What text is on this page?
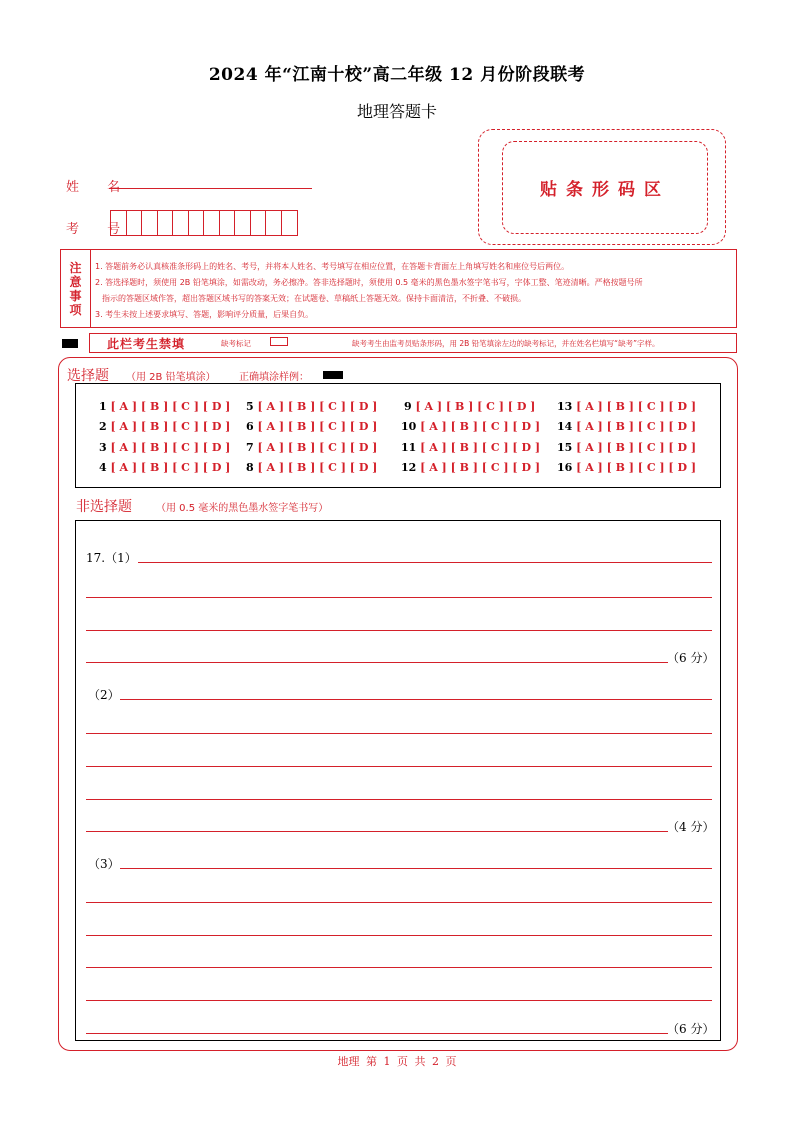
2024 年“江南十校”高二年级 12 月份阶段联考
地理答题卡
贴条形码区
姓 名
考 号
注
意
事
项
1. 答题前务必认真核准条形码上的姓名、考号，并将本人姓名、考号填写在相应位置，在答题卡背面左上角填写姓名和座位号后两位。
2. 答选择题时，须使用 2B 铅笔填涂，如需改动，务必擦净。答非选择题时，须使用 0.5 毫米的黑色墨水签字笔书写，字体工整、笔迹清晰。严格按题号所
指示的答题区域作答，超出答题区域书写的答案无效；在试题卷、草稿纸上答题无效。保持卡面清洁，不折叠、不破损。
3. 考生未按上述要求填写、答题，影响评分质量，后果自负。
此栏考生禁填	缺考标记	缺考考生由监考员贴条形码，用 2B 铅笔填涂左边的缺考标记，并在姓名栏填写“缺考”字样。
选择题 （用 2B 铅笔填涂） 正确填涂样例：
1 [ A ] [ B ] [ C ] [ D ]
2 [ A ] [ B ] [ C ] [ D ]
3 [ A ] [ B ] [ C ] [ D ]
4 [ A ] [ B ] [ C ] [ D ]
5 [ A ] [ B ] [ C ] [ D ]
6 [ A ] [ B ] [ C ] [ D ]
7 [ A ] [ B ] [ C ] [ D ]
8 [ A ] [ B ] [ C ] [ D ]
9 [ A ] [ B ] [ C ] [ D ]
10 [ A ] [ B ] [ C ] [ D ]
11 [ A ] [ B ] [ C ] [ D ]
12 [ A ] [ B ] [ C ] [ D ]
13 [ A ] [ B ] [ C ] [ D ]
14 [ A ] [ B ] [ C ] [ D ]
15 [ A ] [ B ] [ C ] [ D ]
16 [ A ] [ B ] [ C ] [ D ]
非选择题 （用 0.5 毫米的黑色墨水签字笔书写）
17.（1）
（6 分）
（2）
（4 分）
（3）
（6 分）
地理 第 1 页 共 2 页
